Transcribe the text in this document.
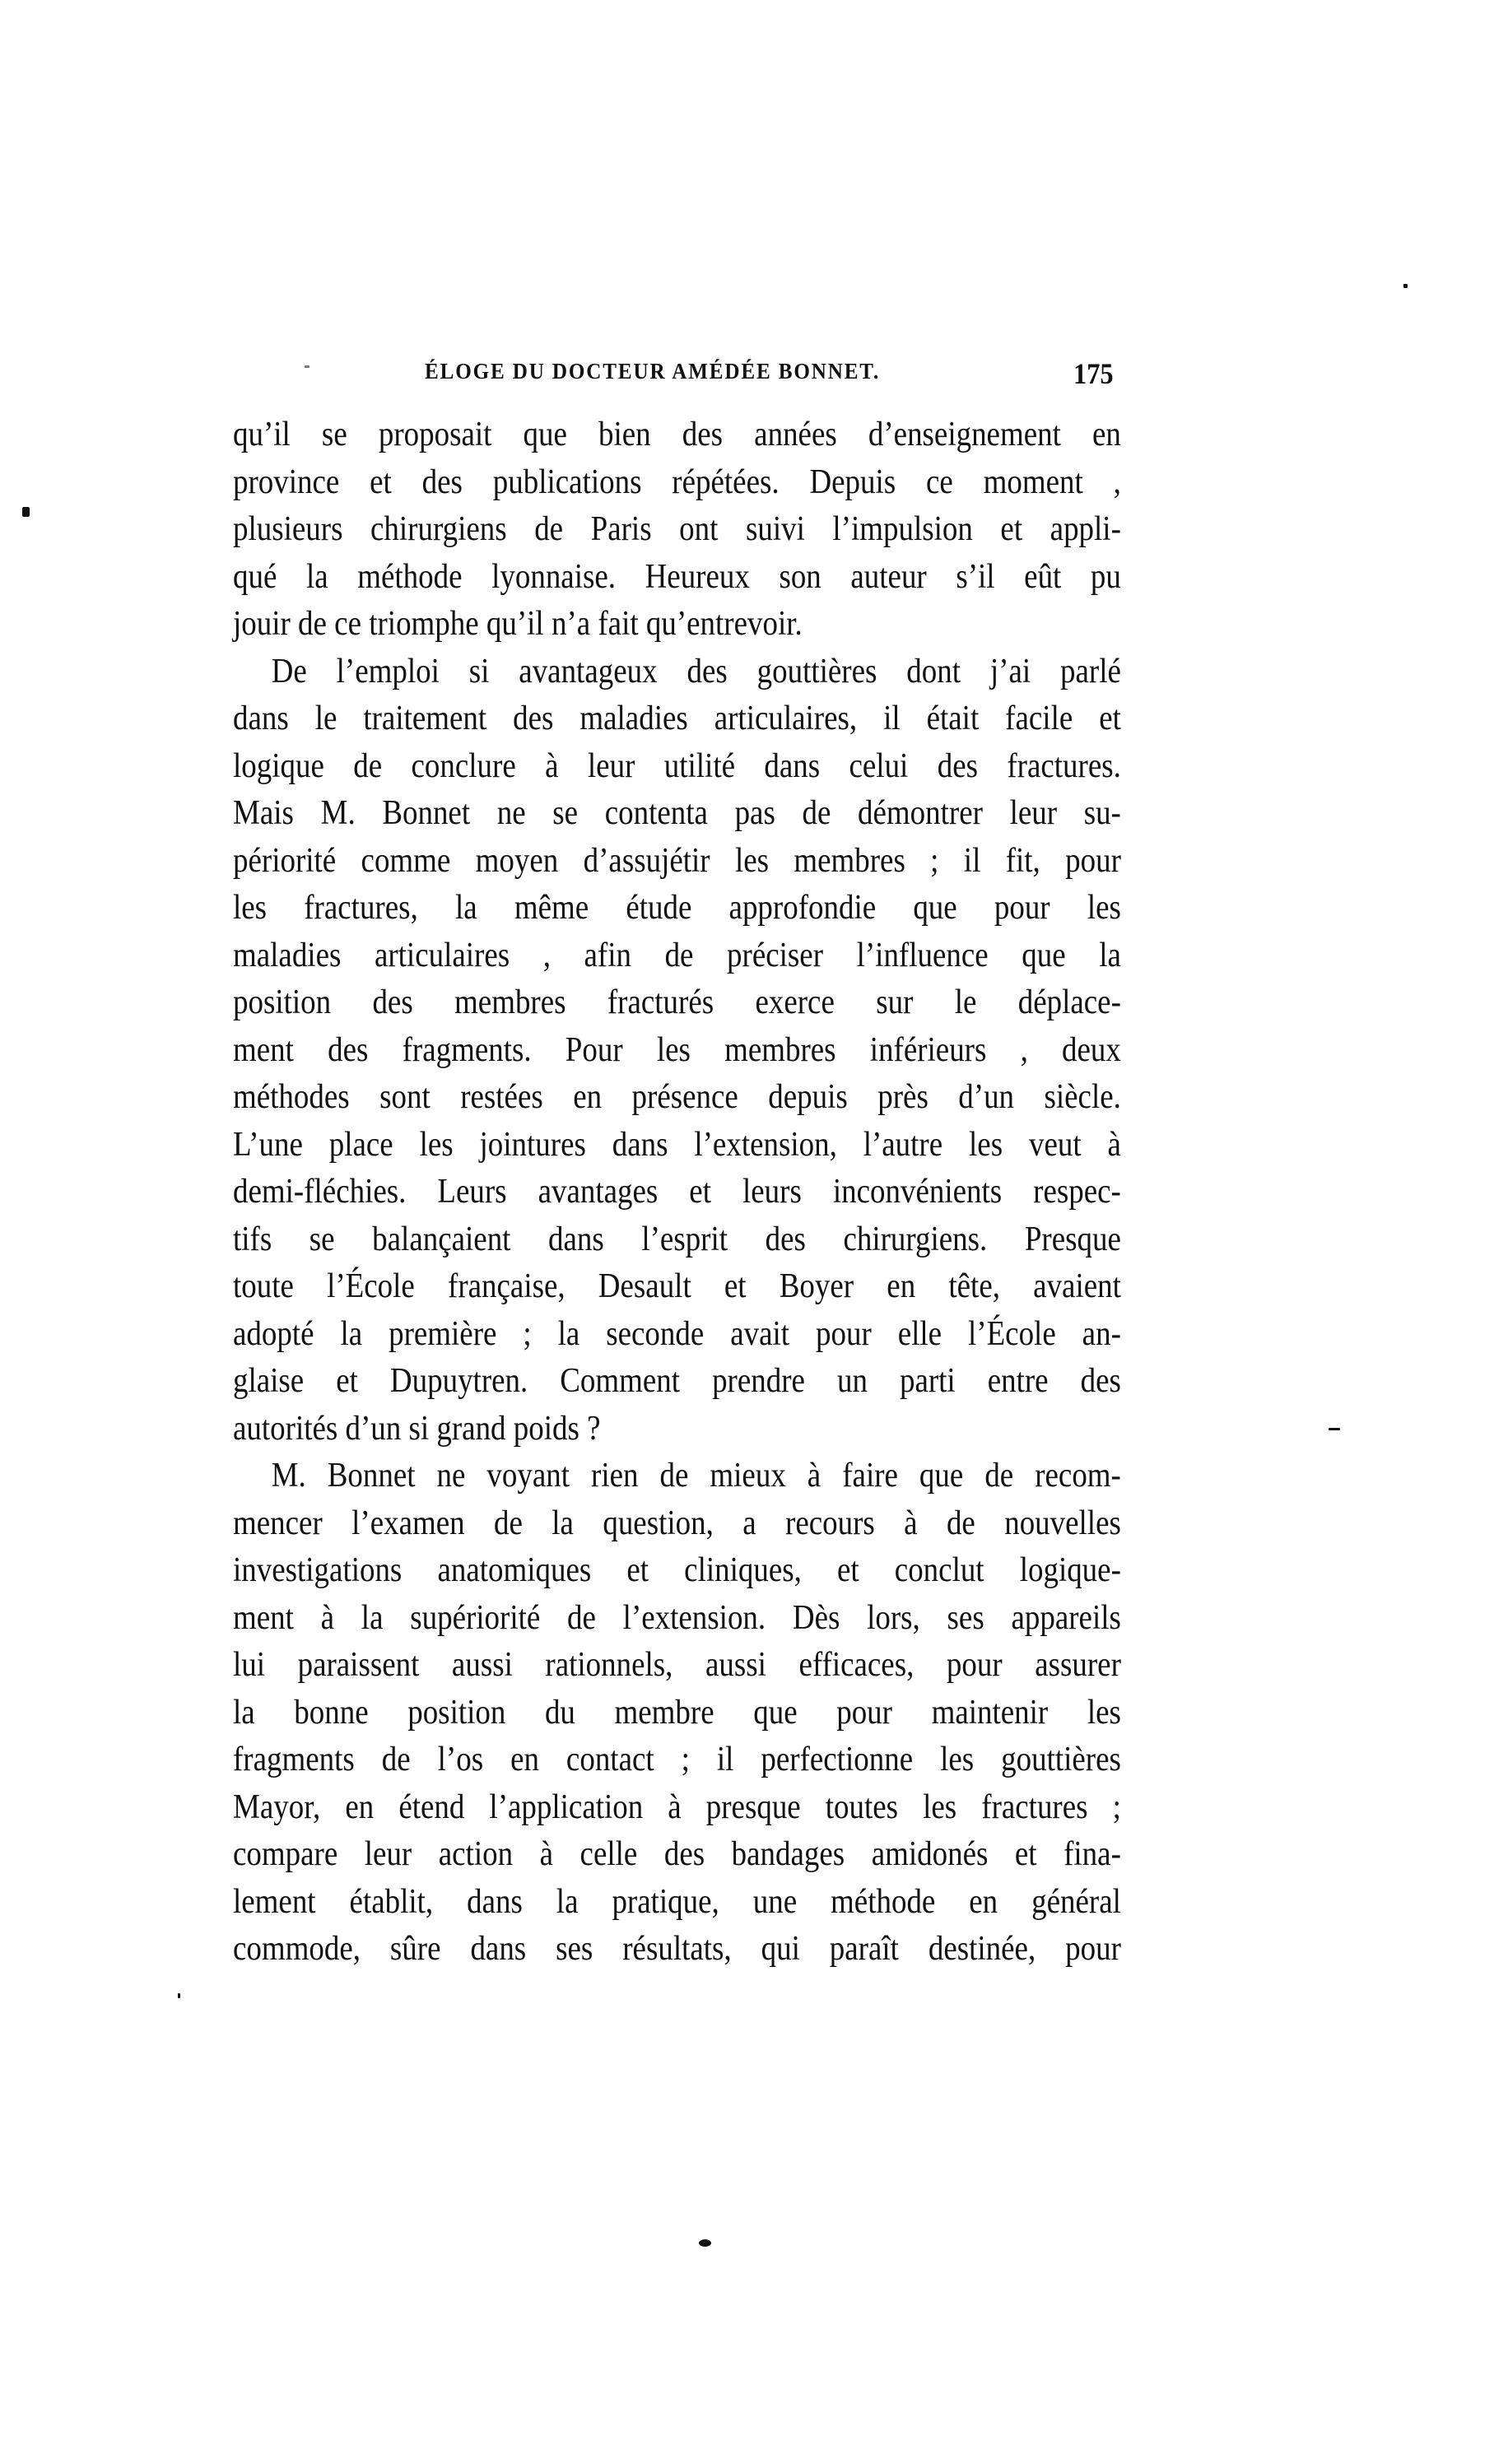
ÉLOGE DU DOCTEUR AMÉDÉE BONNET.	175
qu’il se proposait que bien des années d’enseignement en
province et des publications répétées. Depuis ce moment ,
plusieurs chirurgiens de Paris ont suivi l’impulsion et appli-
qué la méthode lyonnaise. Heureux son auteur s’il eût pu
jouir de ce triomphe qu’il n’a fait qu’entrevoir.
De l’emploi si avantageux des gouttières dont j’ai parlé
dans le traitement des maladies articulaires, il était facile et
logique de conclure à leur utilité dans celui des fractures.
Mais M. Bonnet ne se contenta pas de démontrer leur su-
périorité comme moyen d’assujétir les membres ; il fit, pour
les fractures, la même étude approfondie que pour les
maladies articulaires , afin de préciser l’influence que la
position des membres fracturés exerce sur le déplace-
ment des fragments. Pour les membres inférieurs , deux
méthodes sont restées en présence depuis près d’un siècle.
L’une place les jointures dans l’extension, l’autre les veut à
demi-fléchies. Leurs avantages et leurs inconvénients respec-
tifs se balançaient dans l’esprit des chirurgiens. Presque
toute l’École française, Desault et Boyer en tête, avaient
adopté la première ; la seconde avait pour elle l’École an-
glaise et Dupuytren. Comment prendre un parti entre des
autorités d’un si grand poids ?
M. Bonnet ne voyant rien de mieux à faire que de recom-
mencer l’examen de la question, a recours à de nouvelles
investigations anatomiques et cliniques, et conclut logique-
ment à la supériorité de l’extension. Dès lors, ses appareils
lui paraissent aussi rationnels, aussi efficaces, pour assurer
la bonne position du membre que pour maintenir les
fragments de l’os en contact ; il perfectionne les gouttières
Mayor, en étend l’application à presque toutes les fractures ;
compare leur action à celle des bandages amidonés et fina-
lement établit, dans la pratique, une méthode en général
commode, sûre dans ses résultats, qui paraît destinée, pour
